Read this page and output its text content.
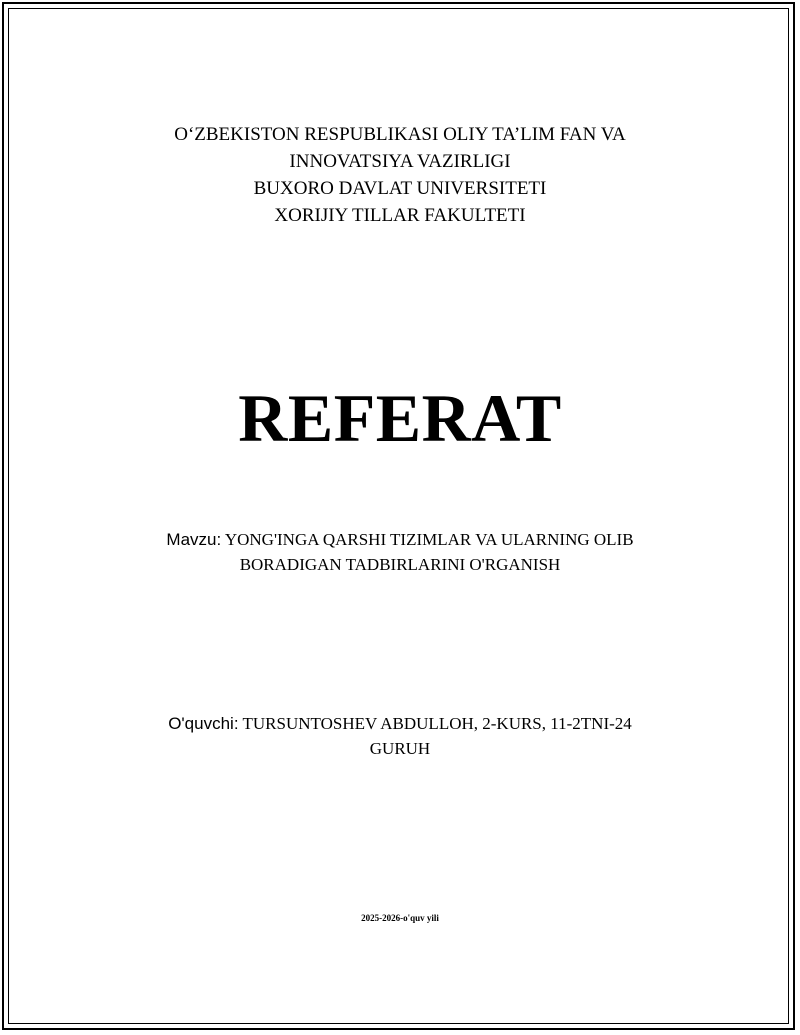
O‘ZBEKISTON RESPUBLIKASI OLIY TA’LIM FAN VA
INNOVATSIYA VAZIRLIGI
BUXORO DAVLAT UNIVERSITETI
XORIJIY TILLAR FAKULTETI
REFERAT
Mavzu: YONG'INGA QARSHI TIZIMLAR VA ULARNING OLIB
BORADIGAN TADBIRLARINI O'RGANISH
O'quvchi: TURSUNTOSHEV ABDULLOH, 2-KURS, 11-2TNI-24
GURUH
2025-2026-o'quv yili
